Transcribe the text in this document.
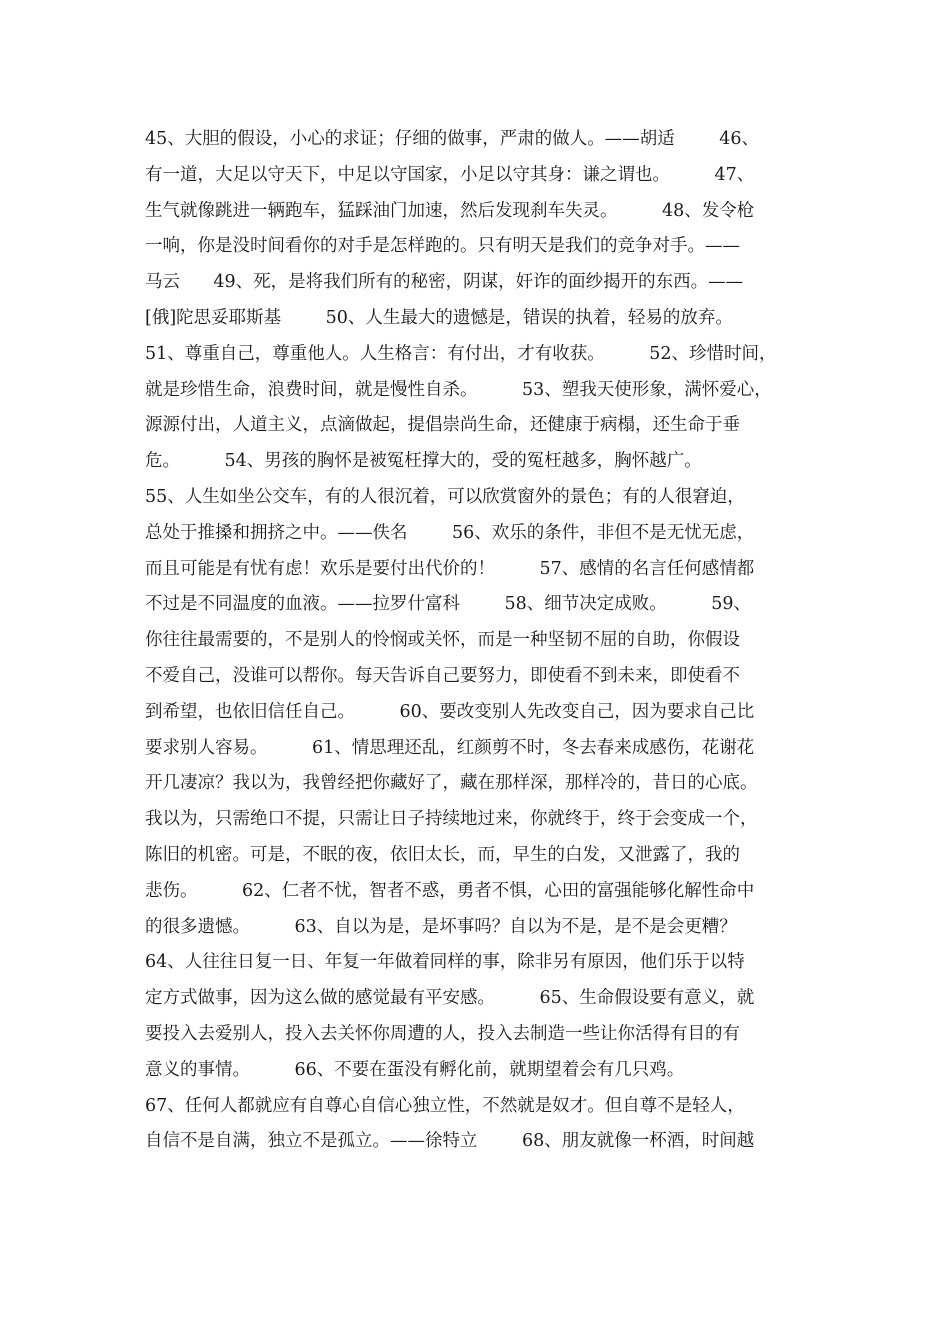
45、大胆的假设，小心的求证；仔细的做事，严肃的做人。——胡适        46、
有一道，大足以守天下，中足以守国家，小足以守其身：谦之谓也。        47、
生气就像跳进一辆跑车，猛踩油门加速，然后发现刹车失灵。        48、发令枪
一响，你是没时间看你的对手是怎样跑的。只有明天是我们的竞争对手。——
马云      49、死，是将我们所有的秘密，阴谋，奸诈的面纱揭开的东西。——
[俄]陀思妥耶斯基        50、人生最大的遗憾是，错误的执着，轻易的放弃。
51、尊重自己，尊重他人。人生格言：有付出，才有收获。        52、珍惜时间，
就是珍惜生命，浪费时间，就是慢性自杀。        53、塑我天使形象，满怀爱心，
源源付出，人道主义，点滴做起，提倡崇尚生命，还健康于病榻，还生命于垂
危。        54、男孩的胸怀是被冤枉撑大的，受的冤枉越多，胸怀越广。
55、人生如坐公交车，有的人很沉着，可以欣赏窗外的景色；有的人很窘迫，
总处于推搡和拥挤之中。——佚名        56、欢乐的条件，非但不是无忧无虑，
而且可能是有忧有虑！欢乐是要付出代价的！        57、感情的名言任何感情都
不过是不同温度的血液。——拉罗什富科        58、细节决定成败。        59、
你往往最需要的，不是别人的怜悯或关怀，而是一种坚韧不屈的自助，你假设
不爱自己，没谁可以帮你。每天告诉自己要努力，即使看不到未来，即使看不
到希望，也依旧信任自己。        60、要改变别人先改变自己，因为要求自己比
要求别人容易。        61、情思理还乱，红颜剪不时，冬去春来成感伤，花谢花
开几凄凉？我以为，我曾经把你藏好了，藏在那样深，那样冷的，昔日的心底。
我以为，只需绝口不提，只需让日子持续地过来，你就终于，终于会变成一个，
陈旧的机密。可是，不眠的夜，依旧太长，而，早生的白发，又泄露了，我的
悲伤。        62、仁者不忧，智者不惑，勇者不惧，心田的富强能够化解性命中
的很多遗憾。        63、自以为是，是坏事吗？自以为不是，是不是会更糟？
64、人往往日复一日、年复一年做着同样的事，除非另有原因，他们乐于以特
定方式做事，因为这么做的感觉最有平安感。        65、生命假设要有意义，就
要投入去爱别人，投入去关怀你周遭的人，投入去制造一些让你活得有目的有
意义的事情。        66、不要在蛋没有孵化前，就期望着会有几只鸡。
67、任何人都就应有自尊心自信心独立性，不然就是奴才。但自尊不是轻人，
自信不是自满，独立不是孤立。——徐特立        68、朋友就像一杯酒，时间越
